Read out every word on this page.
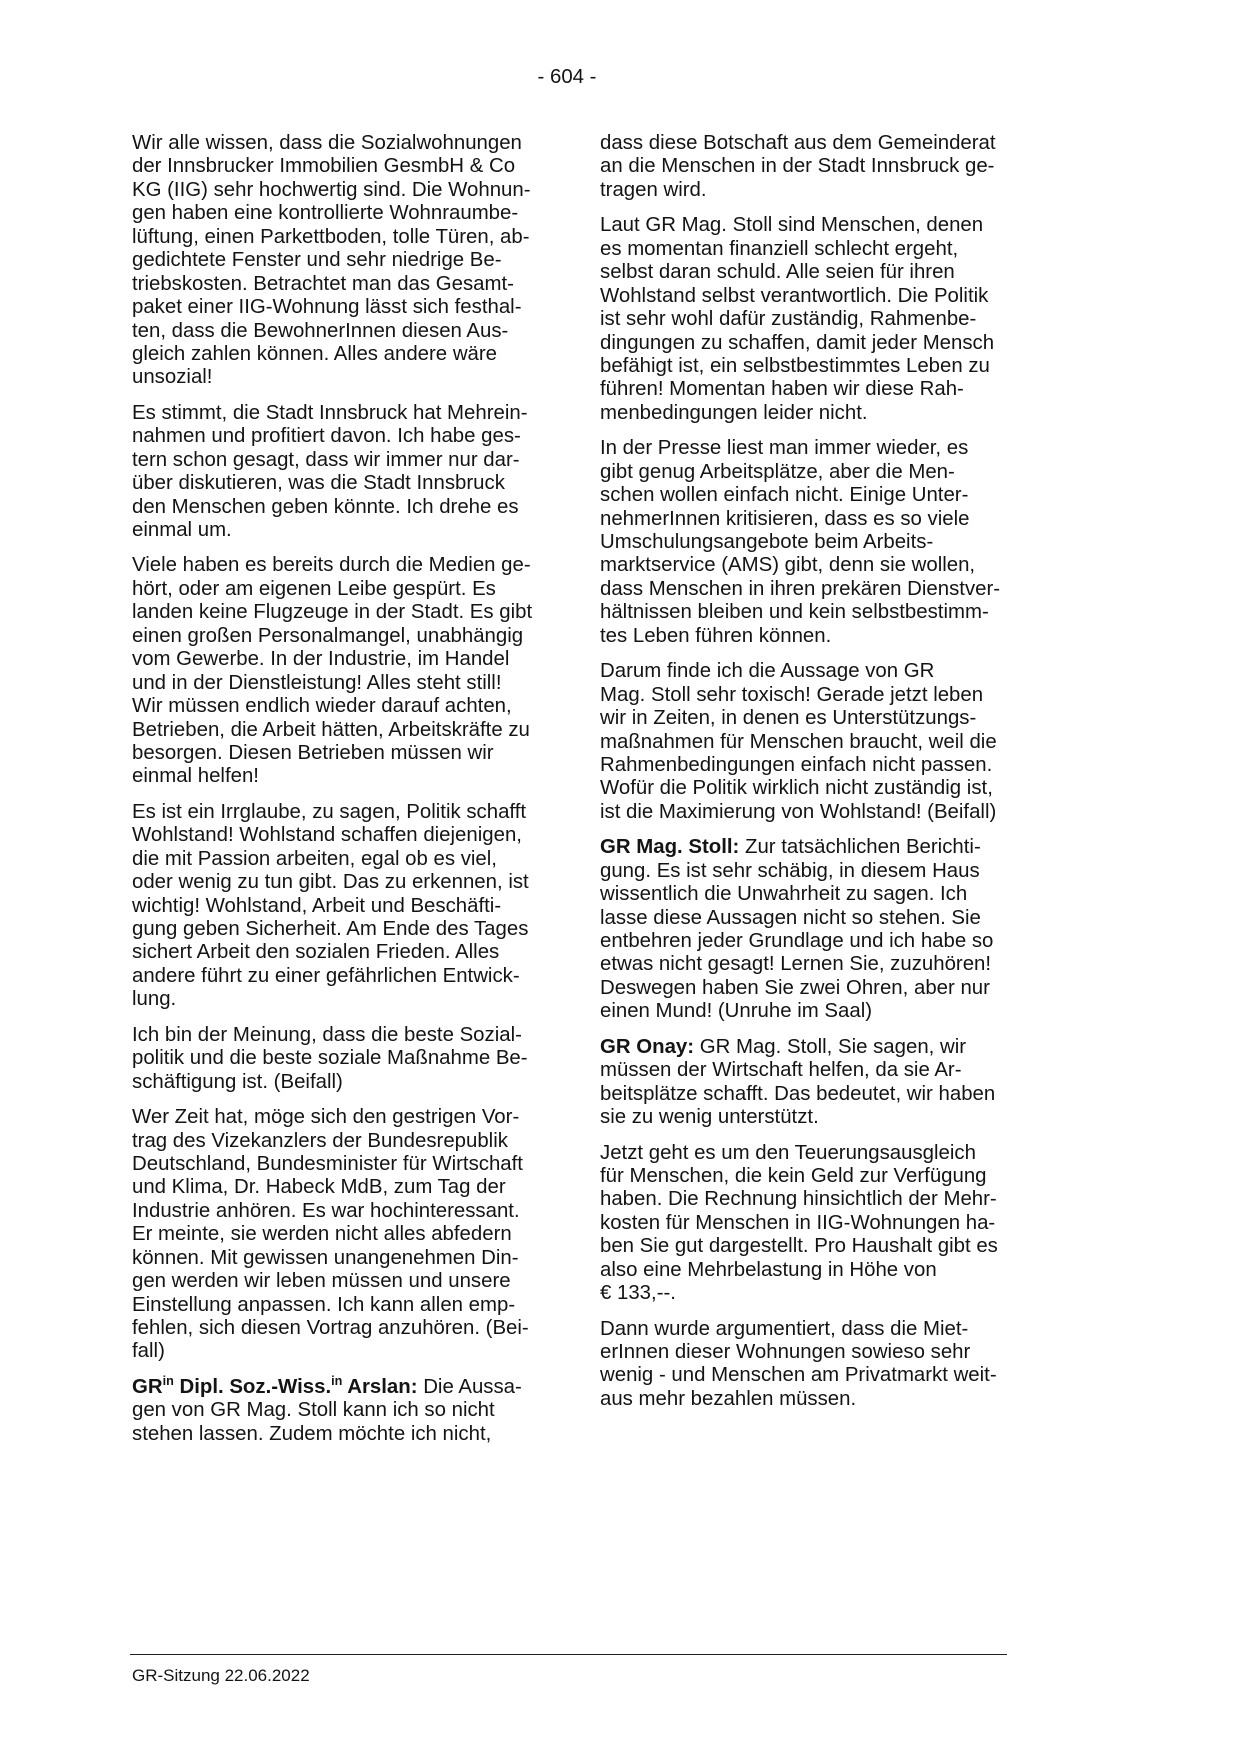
- 604 -
Wir alle wissen, dass die Sozialwohnungen
der Innsbrucker Immobilien GesmbH & Co
KG (IIG) sehr hochwertig sind. Die Wohnun-
gen haben eine kontrollierte Wohnraumbe-
lüftung, einen Parkettboden, tolle Türen, ab-
gedichtete Fenster und sehr niedrige Be-
triebskosten. Betrachtet man das Gesamt-
paket einer IIG-Wohnung lässt sich festhal-
ten, dass die BewohnerInnen diesen Aus-
gleich zahlen können. Alles andere wäre
unsozial!
Es stimmt, die Stadt Innsbruck hat Mehrein-
nahmen und profitiert davon. Ich habe ges-
tern schon gesagt, dass wir immer nur dar-
über diskutieren, was die Stadt Innsbruck
den Menschen geben könnte. Ich drehe es
einmal um.
Viele haben es bereits durch die Medien ge-
hört, oder am eigenen Leibe gespürt. Es
landen keine Flugzeuge in der Stadt. Es gibt
einen großen Personalmangel, unabhängig
vom Gewerbe. In der Industrie, im Handel
und in der Dienstleistung! Alles steht still!
Wir müssen endlich wieder darauf achten,
Betrieben, die Arbeit hätten, Arbeitskräfte zu
besorgen. Diesen Betrieben müssen wir
einmal helfen!
Es ist ein Irrglaube, zu sagen, Politik schafft
Wohlstand! Wohlstand schaffen diejenigen,
die mit Passion arbeiten, egal ob es viel,
oder wenig zu tun gibt. Das zu erkennen, ist
wichtig! Wohlstand, Arbeit und Beschäfti-
gung geben Sicherheit. Am Ende des Tages
sichert Arbeit den sozialen Frieden. Alles
andere führt zu einer gefährlichen Entwick-
lung.
Ich bin der Meinung, dass die beste Sozial-
politik und die beste soziale Maßnahme Be-
schäftigung ist. (Beifall)
Wer Zeit hat, möge sich den gestrigen Vor-
trag des Vizekanzlers der Bundesrepublik
Deutschland, Bundesminister für Wirtschaft
und Klima, Dr. Habeck MdB, zum Tag der
Industrie anhören. Es war hochinteressant.
Er meinte, sie werden nicht alles abfedern
können. Mit gewissen unangenehmen Din-
gen werden wir leben müssen und unsere
Einstellung anpassen. Ich kann allen emp-
fehlen, sich diesen Vortrag anzuhören. (Bei-
fall)
$GR^{in}$ Dipl. Soz.-Wiss.$^{in}$ Arslan: Die Aussa-
gen von GR Mag. Stoll kann ich so nicht
stehen lassen. Zudem möchte ich nicht,
dass diese Botschaft aus dem Gemeinderat
an die Menschen in der Stadt Innsbruck ge-
tragen wird.
Laut GR Mag. Stoll sind Menschen, denen
es momentan finanziell schlecht ergeht,
selbst daran schuld. Alle seien für ihren
Wohlstand selbst verantwortlich. Die Politik
ist sehr wohl dafür zuständig, Rahmenbe-
dingungen zu schaffen, damit jeder Mensch
befähigt ist, ein selbstbestimmtes Leben zu
führen! Momentan haben wir diese Rah-
menbedingungen leider nicht.
In der Presse liest man immer wieder, es
gibt genug Arbeitsplätze, aber die Men-
schen wollen einfach nicht. Einige Unter-
nehmerInnen kritisieren, dass es so viele
Umschulungsangebote beim Arbeits-
marktservice (AMS) gibt, denn sie wollen,
dass Menschen in ihren prekären Dienstver-
hältnissen bleiben und kein selbstbestimm-
tes Leben führen können.
Darum finde ich die Aussage von GR
Mag. Stoll sehr toxisch! Gerade jetzt leben
wir in Zeiten, in denen es Unterstützungs-
maßnahmen für Menschen braucht, weil die
Rahmenbedingungen einfach nicht passen.
Wofür die Politik wirklich nicht zuständig ist,
ist die Maximierung von Wohlstand! (Beifall)
GR Mag. Stoll: Zur tatsächlichen Berichti-
gung. Es ist sehr schäbig, in diesem Haus
wissentlich die Unwahrheit zu sagen. Ich
lasse diese Aussagen nicht so stehen. Sie
entbehren jeder Grundlage und ich habe so
etwas nicht gesagt! Lernen Sie, zuzuhören!
Deswegen haben Sie zwei Ohren, aber nur
einen Mund! (Unruhe im Saal)
GR Onay: GR Mag. Stoll, Sie sagen, wir
müssen der Wirtschaft helfen, da sie Ar-
beitsplätze schafft. Das bedeutet, wir haben
sie zu wenig unterstützt.
Jetzt geht es um den Teuerungsausgleich
für Menschen, die kein Geld zur Verfügung
haben. Die Rechnung hinsichtlich der Mehr-
kosten für Menschen in IIG-Wohnungen ha-
ben Sie gut dargestellt. Pro Haushalt gibt es
also eine Mehrbelastung in Höhe von
€ 133,--.
Dann wurde argumentiert, dass die Miet-
erInnen dieser Wohnungen sowieso sehr
wenig - und Menschen am Privatmarkt weit-
aus mehr bezahlen müssen.
GR-Sitzung 22.06.2022
